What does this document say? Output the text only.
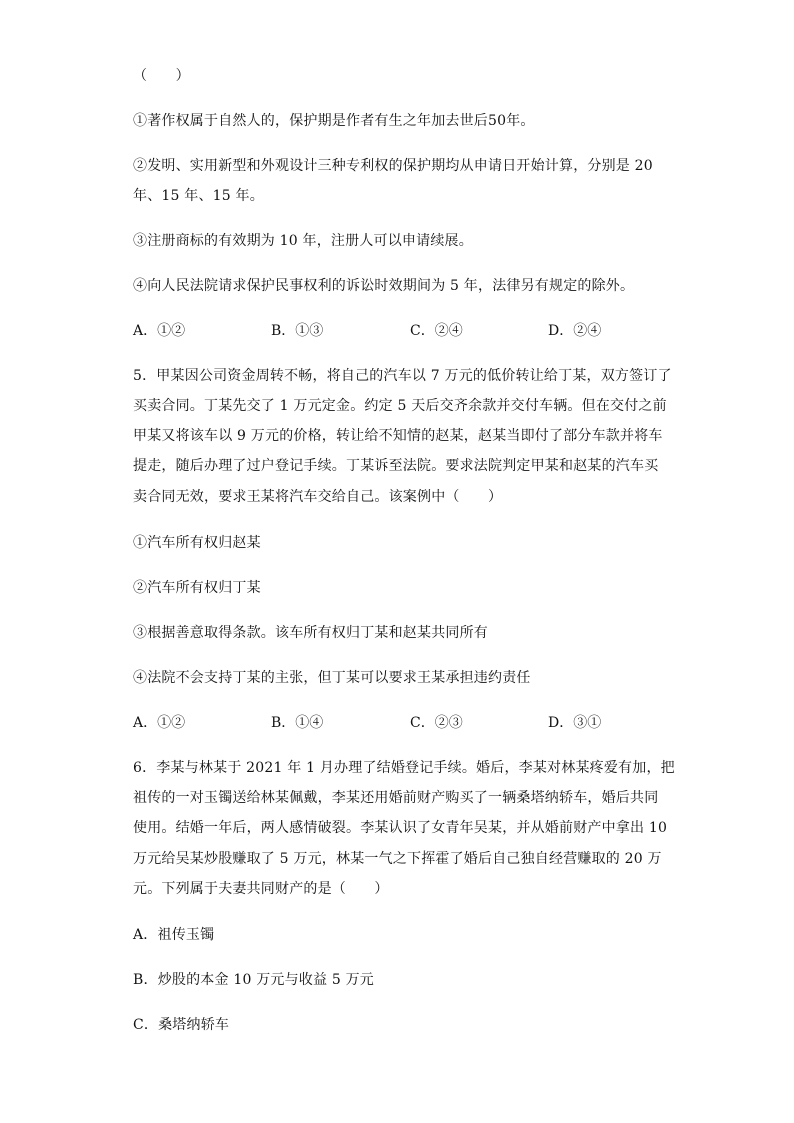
（　　）
①著作权属于自然人的，保护期是作者有生之年加去世后50年。
②发明、实用新型和外观设计三种专利权的保护期均从申请日开始计算，分别是 20
年、15 年、15 年。
③注册商标的有效期为 10 年，注册人可以申请续展。
④向人民法院请求保护民事权利的诉讼时效期间为 5 年，法律另有规定的除外。
A．①②	B．①③	C．②④	D．②④
5．甲某因公司资金周转不畅，将自己的汽车以 7 万元的低价转让给丁某，双方签订了
买卖合同。丁某先交了 1 万元定金。约定 5 天后交齐余款并交付车辆。但在交付之前
甲某又将该车以 9 万元的价格，转让给不知情的赵某，赵某当即付了部分车款并将车
提走，随后办理了过户登记手续。丁某诉至法院。要求法院判定甲某和赵某的汽车买
卖合同无效，要求王某将汽车交给自己。该案例中（　　）
①汽车所有权归赵某
②汽车所有权归丁某
③根据善意取得条款。该车所有权归丁某和赵某共同所有
④法院不会支持丁某的主张，但丁某可以要求王某承担违约责任
A．①②	B．①④	C．②③	D．③①
6．李某与林某于 2021 年 1 月办理了结婚登记手续。婚后，李某对林某疼爱有加，把
祖传的一对玉镯送给林某佩戴，李某还用婚前财产购买了一辆桑塔纳轿车，婚后共同
使用。结婚一年后，两人感情破裂。李某认识了女青年吴某，并从婚前财产中拿出 10
万元给吴某炒股赚取了 5 万元，林某一气之下挥霍了婚后自己独自经营赚取的 20 万
元。下列属于夫妻共同财产的是（　　）
A．祖传玉镯
B．炒股的本金 10 万元与收益 5 万元
C．桑塔纳轿车
